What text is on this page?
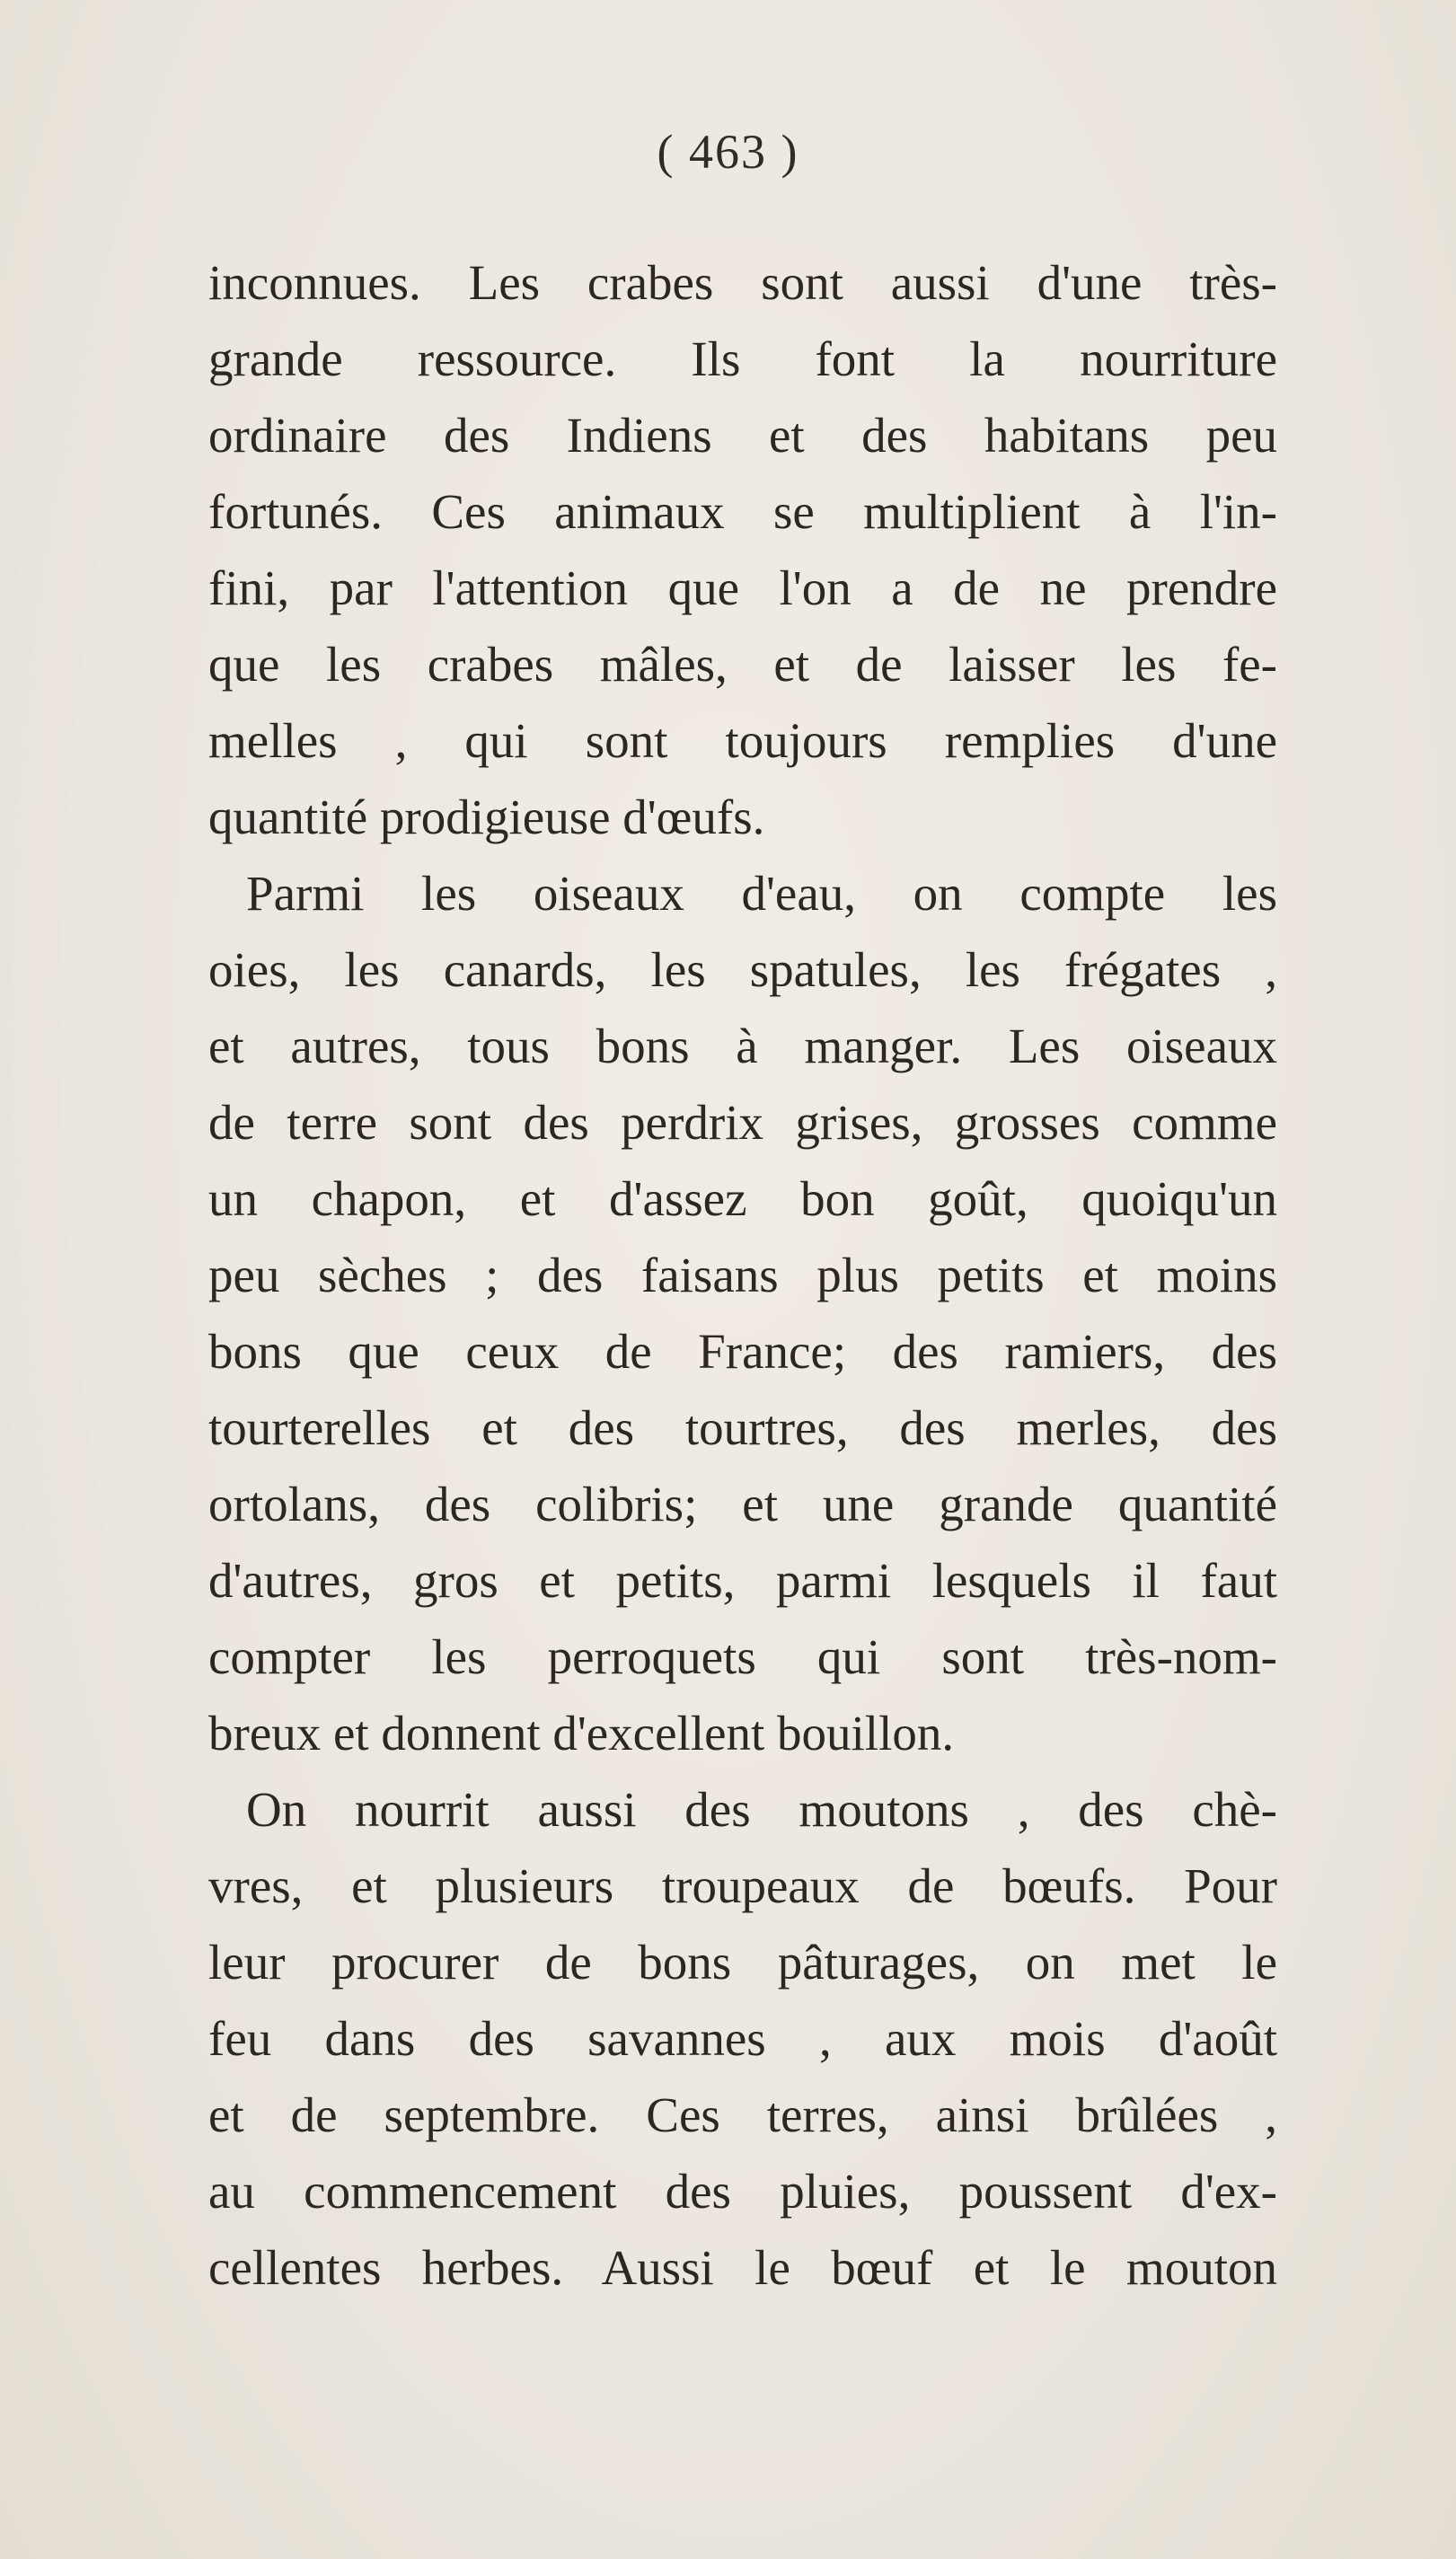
( 463 )
inconnues. Les crabes sont aussi d'une très-
grande ressource. Ils font la nourriture
ordinaire des Indiens et des habitans peu
fortunés. Ces animaux se multiplient à l'in-
fini, par l'attention que l'on a de ne prendre
que les crabes mâles, et de laisser les fe-
melles , qui sont toujours remplies d'une
quantité prodigieuse d'œufs.
Parmi les oiseaux d'eau, on compte les
oies, les canards, les spatules, les frégates ,
et autres, tous bons à manger. Les oiseaux
de terre sont des perdrix grises, grosses comme
un chapon, et d'assez bon goût, quoiqu'un
peu sèches ; des faisans plus petits et moins
bons que ceux de France; des ramiers, des
tourterelles et des tourtres, des merles, des
ortolans, des colibris; et une grande quantité
d'autres, gros et petits, parmi lesquels il faut
compter les perroquets qui sont très-nom-
breux et donnent d'excellent bouillon.
On nourrit aussi des moutons , des chè-
vres, et plusieurs troupeaux de bœufs. Pour
leur procurer de bons pâturages, on met le
feu dans des savannes , aux mois d'août
et de septembre. Ces terres, ainsi brûlées ,
au commencement des pluies, poussent d'ex-
cellentes herbes. Aussi le bœuf et le mouton
